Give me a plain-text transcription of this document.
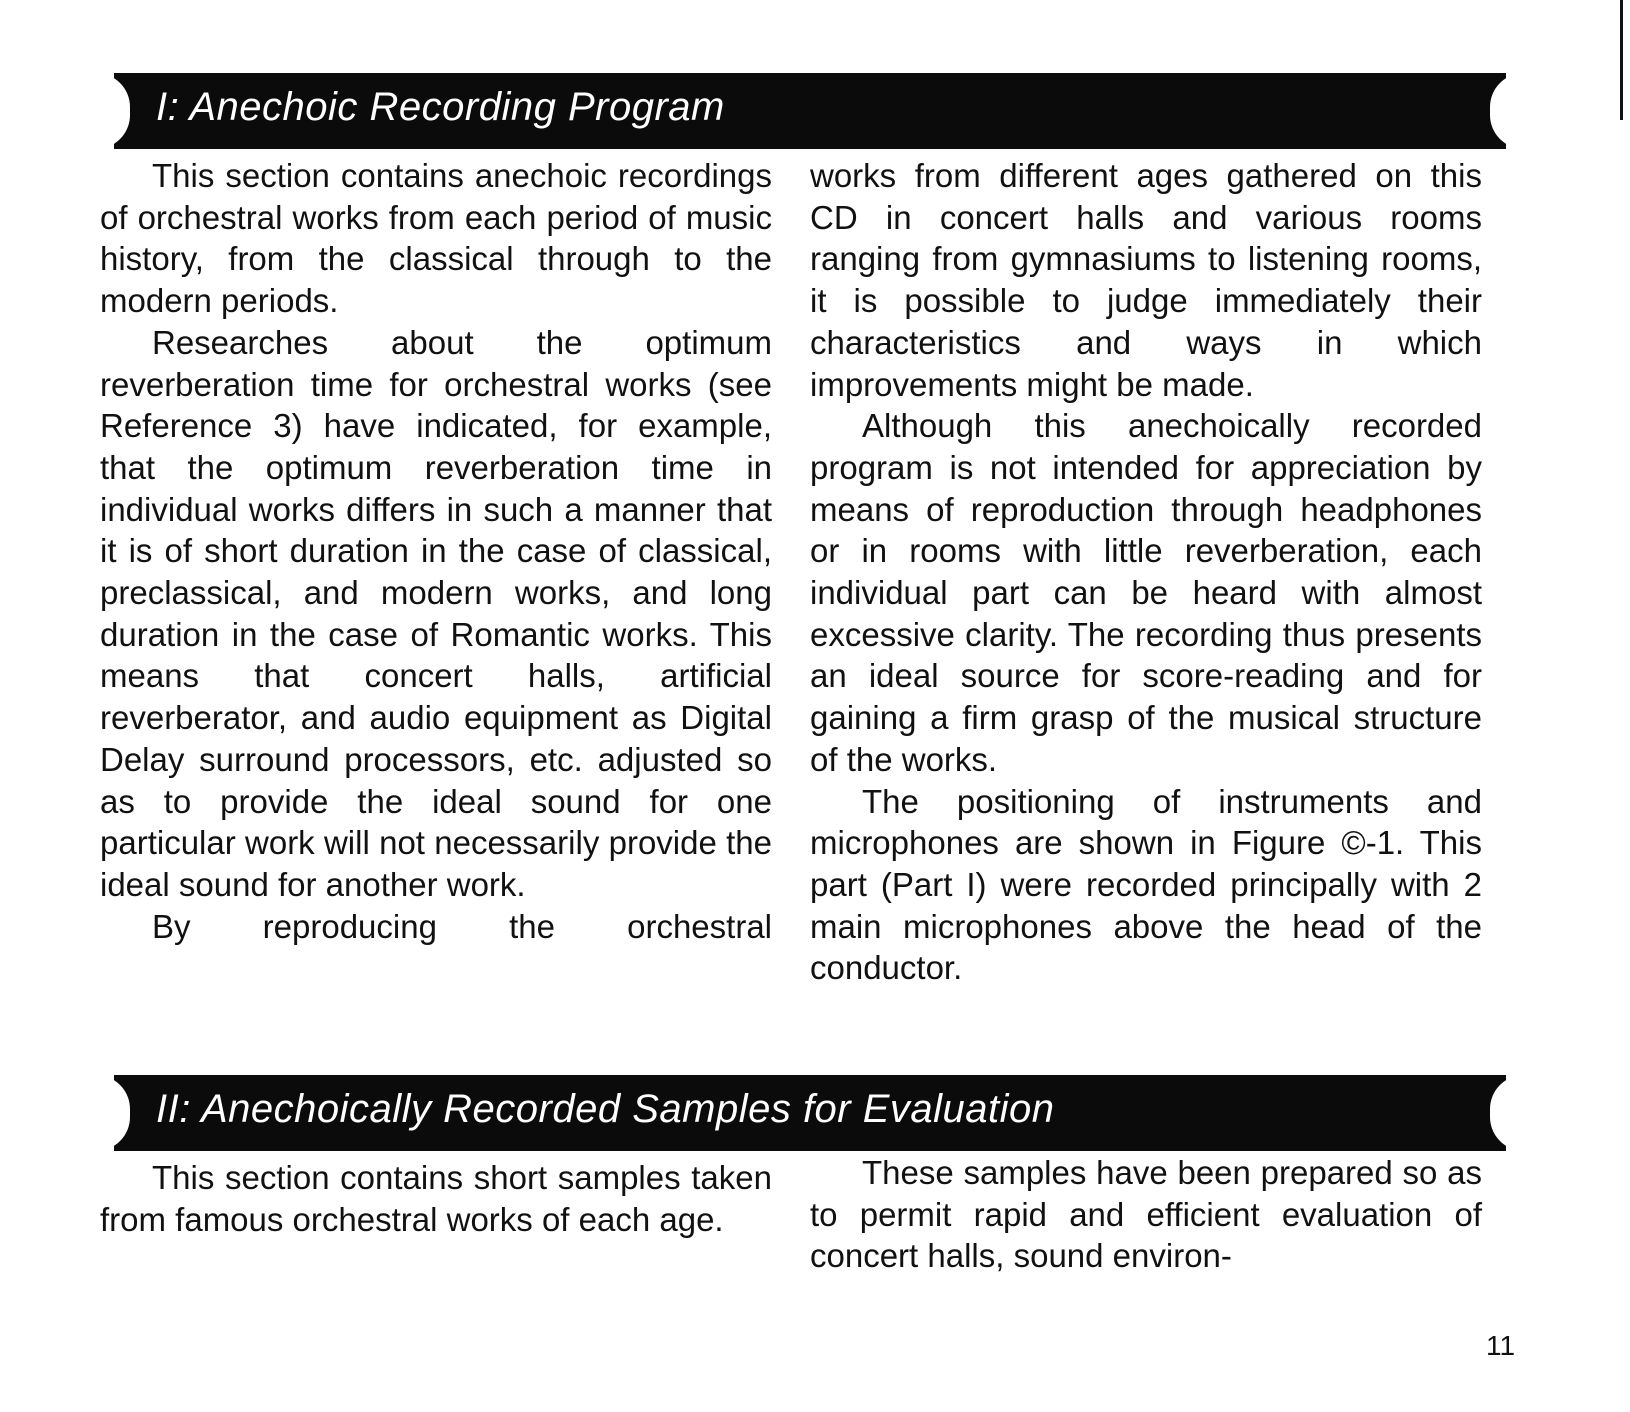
I: Anechoic Recording Program

This section contains anechoic recordings of orchestral works from each period of music history, from the classical through to the modern periods.

Researches about the optimum reverberation time for orchestral works (see Reference 3) have indicated, for example, that the optimum reverberation time in individual works differs in such a manner that it is of short duration in the case of classical, preclassical, and modern works, and long duration in the case of Romantic works. This means that concert halls, artificial reverberator, and audio equipment as Digital Delay surround processors, etc. adjusted so as to provide the ideal sound for one particular work will not necessarily provide the ideal sound for another work.

By reproducing the orchestral

works from different ages gathered on this CD in concert halls and various rooms ranging from gymnasiums to listening rooms, it is possible to judge immediately their characteristics and ways in which improvements might be made.

Although this anechoically recorded program is not intended for appreciation by means of reproduction through headphones or in rooms with little reverberation, each individual part can be heard with almost excessive clarity. The recording thus presents an ideal source for score-reading and for gaining a firm grasp of the musical structure of the works.

The positioning of instruments and microphones are shown in Figure ©-1. This part (Part I) were recorded principally with 2 main microphones above the head of the conductor.

II: Anechoically Recorded Samples for Evaluation

This section contains short samples taken from famous orchestral works of each age.

These samples have been prepared so as to permit rapid and efficient evaluation of concert halls, sound environ-

11
